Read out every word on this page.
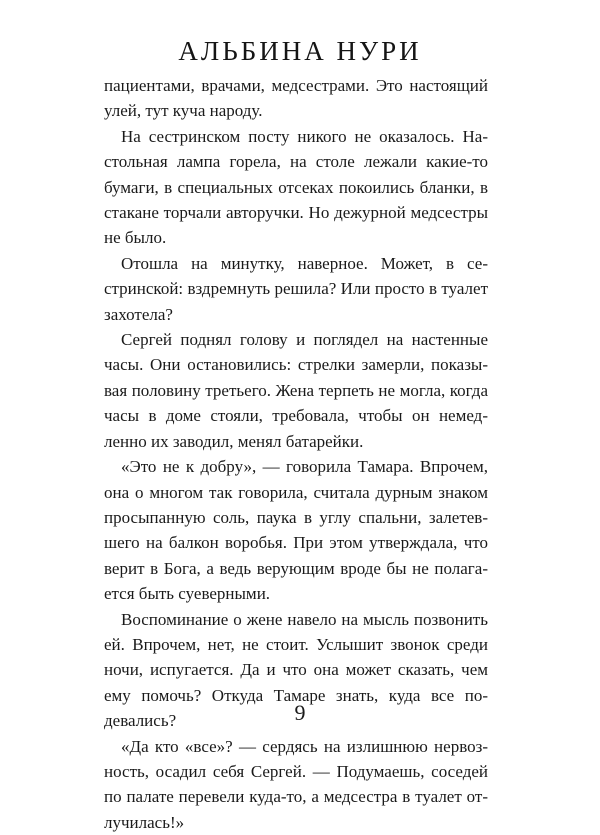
АЛЬБИНА НУРИ

пациентами, врачами, медсестрами. Это настоящий улей, тут куча народу.

На сестринском посту никого не оказалось. Настольная лампа горела, на столе лежали какие-то бумаги, в специальных отсеках покоились бланки, в стакане торчали авторучки. Но дежурной медсестры не было.

Отошла на минутку, наверное. Может, в сестринской: вздремнуть решила? Или просто в туалет захотела?

Сергей поднял голову и поглядел на настенные часы. Они остановились: стрелки замерли, показывая половину третьего. Жена терпеть не могла, когда часы в доме стояли, требовала, чтобы он немедленно их заводил, менял батарейки.

«Это не к добру», — говорила Тамара. Впрочем, она о многом так говорила, считала дурным знаком просыпанную соль, паука в углу спальни, залетевшего на балкон воробья. При этом утверждала, что верит в Бога, а ведь верующим вроде бы не полагается быть суеверными.

Воспоминание о жене навело на мысль позвонить ей. Впрочем, нет, не стоит. Услышит звонок среди ночи, испугается. Да и что она может сказать, чем ему помочь? Откуда Тамаре знать, куда все подевались?

«Да кто «все»? — сердясь на излишнюю нервозность, осадил себя Сергей. — Подумаешь, соседей по палате перевели куда-то, а медсестра в туалет отлучилась!»

9
